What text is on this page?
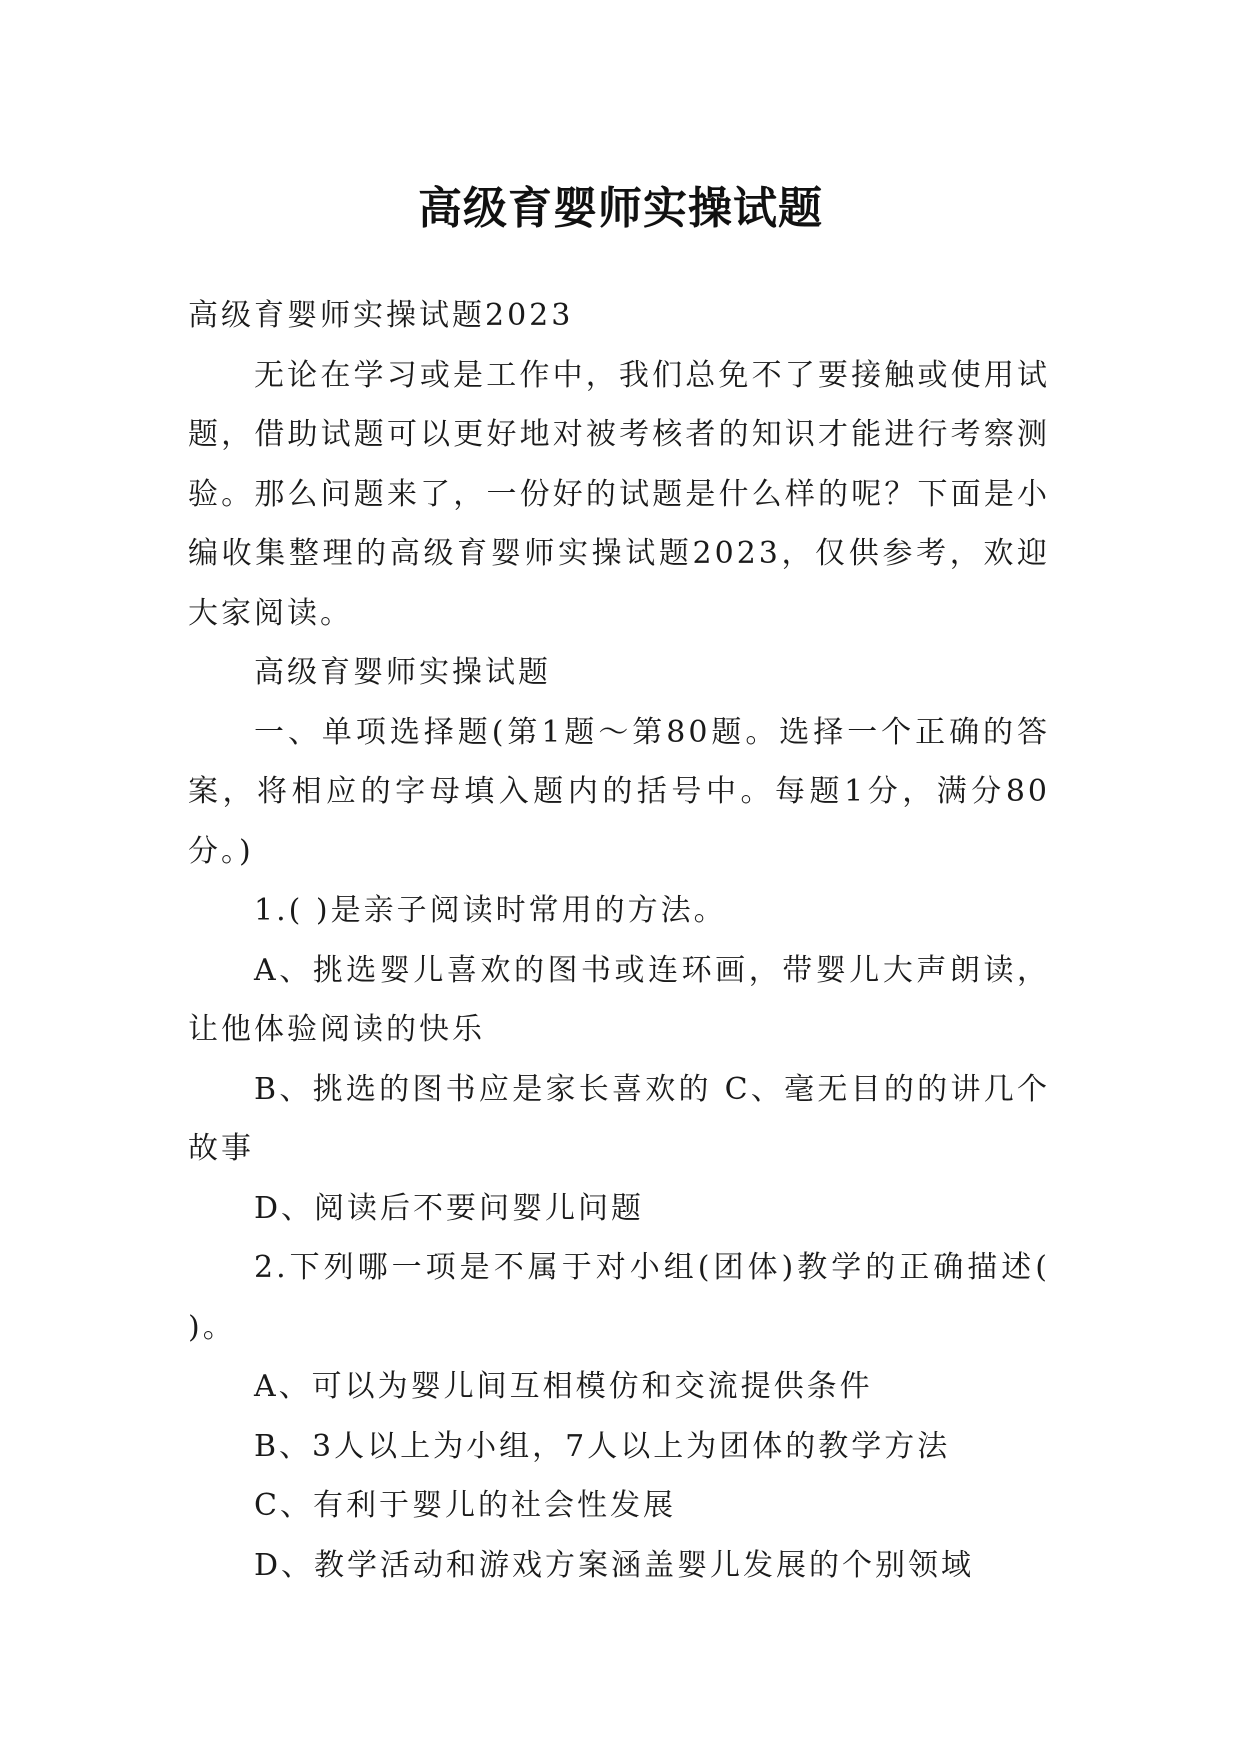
高级育婴师实操试题

高级育婴师实操试题2023

无论在学习或是工作中，我们总免不了要接触或使用试题，借助试题可以更好地对被考核者的知识才能进行考察测验。那么问题来了，一份好的试题是什么样的呢？下面是小编收集整理的高级育婴师实操试题2023，仅供参考，欢迎大家阅读。

高级育婴师实操试题

一、单项选择题(第1题～第80题。选择一个正确的答案，将相应的字母填入题内的括号中。每题1分，满分80分。)

1.( )是亲子阅读时常用的方法。

A、挑选婴儿喜欢的图书或连环画，带婴儿大声朗读，让他体验阅读的快乐

B、挑选的图书应是家长喜欢的 C、毫无目的的讲几个故事

D、阅读后不要问婴儿问题

2.下列哪一项是不属于对小组(团体)教学的正确描述( )。

A、可以为婴儿间互相模仿和交流提供条件

B、3人以上为小组，7人以上为团体的教学方法

C、有利于婴儿的社会性发展

D、教学活动和游戏方案涵盖婴儿发展的个别领域
